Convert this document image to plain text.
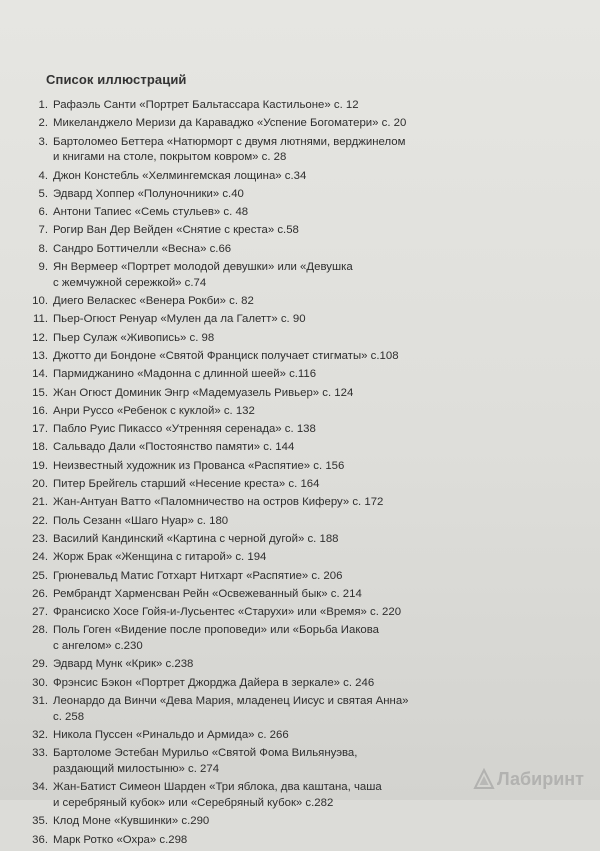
Список иллюстраций
1. Рафаэль Санти «Портрет Бальтассара Кастильоне» с. 12
2. Микеланджело Меризи да Караваджо «Успение Богоматери» с. 20
3. Бартоломео Беттера «Натюрморт с двумя лютнями, верджинелом
и книгами на столе, покрытом ковром» с. 28
4. Джон Констебль «Хелмингемская лощина» с.34
5. Эдвард Хоппер «Полуночники» с.40
6. Антони Тапиес «Семь стульев» с. 48
7. Рогир Ван Дер Вейден «Снятие с креста» с.58
8. Сандро Боттичелли «Весна» с.66
9. Ян Вермеер «Портрет молодой девушки» или «Девушка
с жемчужной сережкой» с.74
10. Диего Веласкес «Венера Рокби» с. 82
11. Пьер-Огюст Ренуар «Мулен да ла Галетт» с. 90
12. Пьер Сулаж «Живопись» с. 98
13. Джотто ди Бондоне «Святой Франциск получает стигматы» с.108
14. Пармиджанино «Мадонна с длинной шеей» с.116
15. Жан Огюст Доминик Энгр «Мадемуазель Ривьер» с. 124
16. Анри Руссо «Ребенок с куклой» с. 132
17. Пабло Руис Пикассо «Утренняя серенада» с. 138
18. Сальвадо Дали «Постоянство памяти» с. 144
19. Неизвестный художник из Прованса «Распятие» с. 156
20. Питер Брейгель старший «Несение креста» с. 164
21. Жан-Антуан Ватто «Паломничество на остров Киферу» с. 172
22. Поль Сезанн «Шаго Нуар» с. 180
23. Василий Кандинский «Картина с черной дугой» с. 188
24. Жорж Брак «Женщина с гитарой» с. 194
25. Грюневальд Матис Готхарт Нитхарт «Распятие» с. 206
26. Рембрандт Харменсван Рейн «Освежеванный бык» с. 214
27. Франсиско Хосе Гойя-и-Лусьентес «Старухи» или «Время» с. 220
28. Поль Гоген «Видение после проповеди» или «Борьба Иакова
с ангелом» с.230
29. Эдвард Мунк «Крик» с.238
30. Фрэнсис Бэкон «Портрет Джорджа Дайера в зеркале» с. 246
31. Леонардо да Винчи «Дева Мария, младенец Иисус и святая Анна»
с. 258
32. Никола Пуссен «Ринальдо и Армида» с. 266
33. Бартоломе Эстебан Мурильо «Святой Фома Вильянуэва,
раздающий милостыню» с. 274
34. Жан-Батист Симеон Шарден «Три яблока, два каштана, чаша
и серебряный кубок» или «Серебряный кубок» с.282
35. Клод Моне «Кувшинки» с.290
36. Марк Ротко «Охра» с.298
Лабиринт
